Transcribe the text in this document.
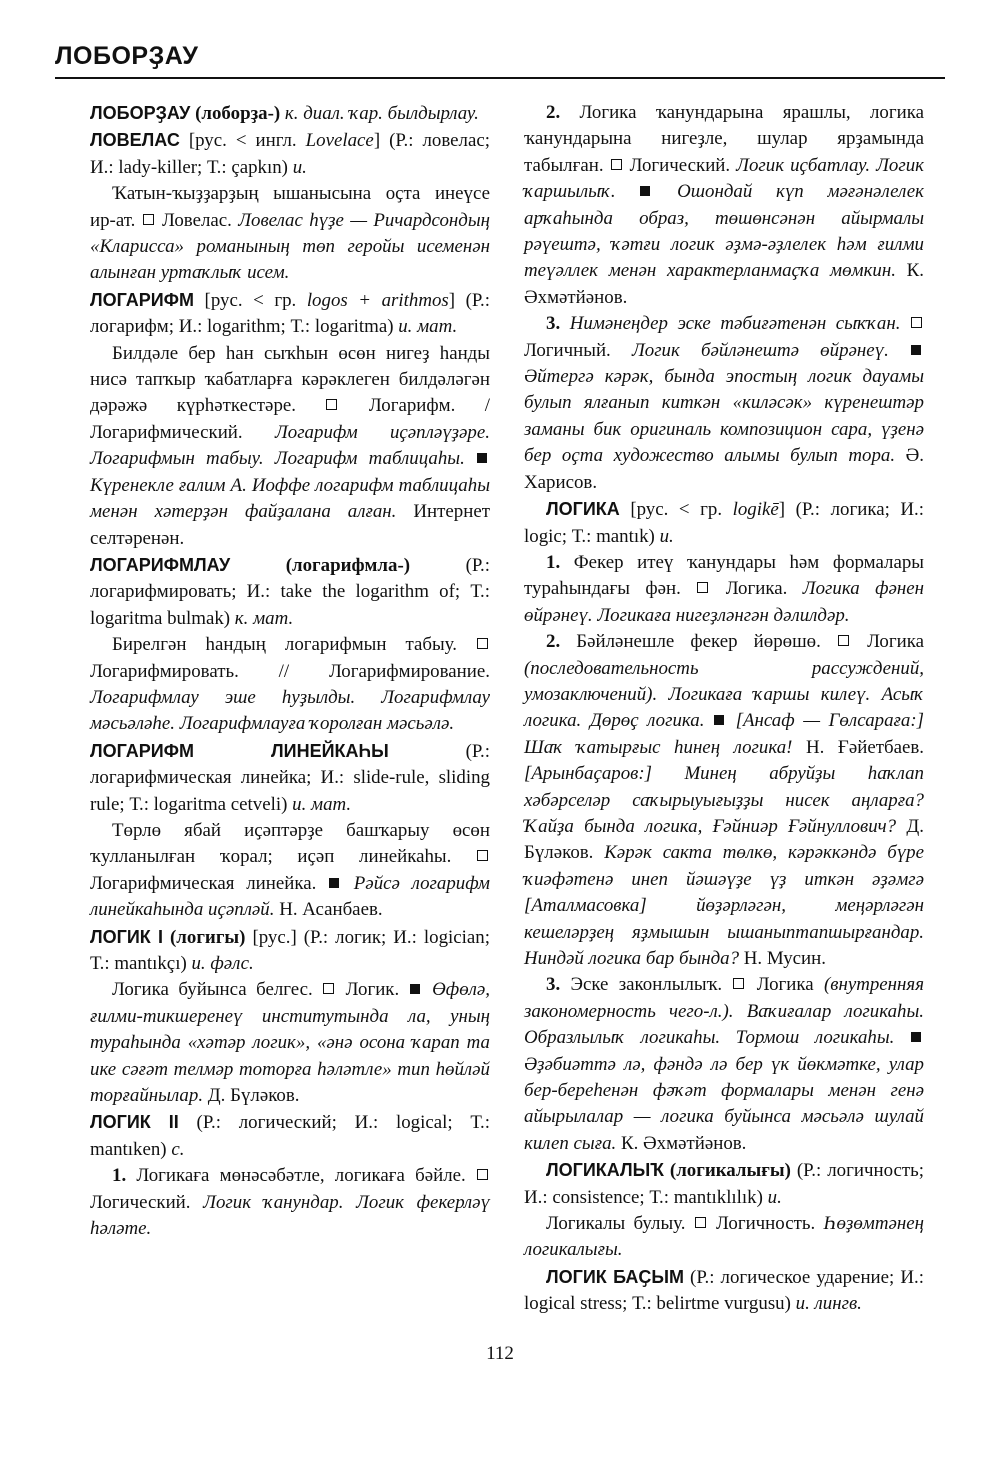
ЛОБОРҘАУ

ЛОБОРҘАУ (лоборҙа-) к. диал. ҡар. былдырлау.

ЛОВЕЛАС [рус. < ингл. Lovelace] (Р.: ловелас; И.: lady-killer; Т.: çapkın) и.

Ҡатын-ҡыҙҙарҙың ышанысына оҫта инеүсе ир-ат.  Ловелас. Ловелас һүҙе — Ричардсондың «Кларисса» романының төп геройы исеменән алынған уртаҡлыҡ исем.

ЛОГАРИФМ [рус. < гр. logos + arithmos] (Р.: логарифм; И.: logarithm; Т.: logaritma) и. мат.

Билдәле бер һан сыҡһын өсөн нигеҙ һанды нисә тапҡыр ҡабатларға кәрәклеген билдәләгән дәрәжә күрһәткестәре.  Логарифм. / Логарифмический. Логарифм иҫәпләүҙәре. Логарифмын табыу. Логарифм таблицаһы.  Күренекле ғалим А. Иоффе логарифм таблицаһы менән хәтерҙән файҙалана алған. Интернет селтәренән.

ЛОГАРИФМЛАУ (логарифмла-) (Р.: логарифмировать; И.: take the logarithm of; Т.: logaritma bulmak) к. мат.

Бирелгән һандың логарифмын табыу.  Логарифмировать. // Логарифмирование. Логарифмлау эше һуҙылды. Логарифмлау мәсьәләһе. Логарифмлауға ҡоролған мәсьәлә.

ЛОГАРИФМ ЛИНЕЙКАҺЫ (Р.: логарифмическая линейка; И.: slide-rule, sliding rule; Т.: logaritma cetveli) и. мат.

Төрлө ябай иҫәптәрҙе башҡарыу өсөн ҡулланылған ҡорал; иҫәп линейкаһы.  Логарифмическая линейка.  Рәйсә логарифм линейкаһында иҫәпләй. Н. Асанбаев.

ЛОГИК I (логигы) [рус.] (Р.: логик; И.: logician; Т.: mantıkçı) и. фәлс.

Логика буйынса белгес.  Логик.  Өфөлә, ғилми-тикшеренеү институтында ла, уның тураһында «хәтәр логик», «әнә осона ҡарап та ике сәғәт телмәр тоторға һәләтле» тип һөйләй торғайнылар. Д. Бүләков.

ЛОГИК II (Р.: логический; И.: logical; Т.: mantıken) с.

1. Логикаға мөнәсәбәтле, логикаға бәйле.  Логический. Логик ҡанундар. Логик фекерләү һәләте.

2. Логика ҡанундарына ярашлы, логика ҡанундарына нигеҙле, шулар ярҙамында табылған.  Логический. Логик иҫбатлау. Логик ҡаршылыҡ.  Ошондай күп мәғәнәлелек арҡаһында образ, төшөнсәнән айырмалы рәүештә, ҡәтғи логик әҙмә-әҙлелек һәм ғилми теүәллек менән характерланмаҫҡа мөмкин. К. Әхмәтйәнов.

3. Нимәнеңдер эске тәбиғәтенән сыҡҡан.  Логичный. Логик бәйләнештә өйрәнеү.  Әйтергә кәрәк, бында эпостың логик дауамы булып ялғанып киткән «киләсәк» күренештәр заманы бик оригиналь композицион сара, үҙенә бер оҫта художество алымы булып тора. Ә. Харисов.

ЛОГИКА [рус. < гр. logikē] (Р.: логика; И.: logic; Т.: mantık) и.

1. Фекер итеү ҡанундары һәм формалары тураһындағы фән.  Логика. Логика фәнен өйрәнеү. Логикаға нигеҙләнгән дәлилдәр.

2. Бәйләнешле фекер йөрөшө.  Логика (последовательность рассуждений, умозаключений). Логикаға ҡаршы килеү. Асыҡ логика. Дөрөҫ логика.  [Ансаф — Гөлсараға:] Шаҡ ҡатырғыс һинең логика! Н. Ғәйетбаев. [Арынбаҫаров:] Минең абруйҙы һаҡлап хәбәрселәр саҡырыуығыҙҙы нисек аңларға? Ҡайҙа бында логика, Ғәйниәр Ғәйнуллович? Д. Бүләков. Кәрәк сакта төлкө, кәрәккәндә бүре ҡиәфәтенә инеп йәшәүҙе үҙ иткән әҙәмгә [Аталмасовка] йөҙәрләгән, меңәрләгән кешеләрҙең яҙмышын ышаныптапшырғандар. Ниндәй логика бар бында? Н. Мусин.

3. Эске законлылыҡ.  Логика (внутренняя закономерность чего-л.). Ваҡиғалар логикаһы. Образлылыҡ логикаһы. Тормош логикаһы.  Әҙәбиәттә лә, фәндә лә бер үк йөкмәтке, улар бер-береһенән фәҡәт формалары менән генә айырылалар — логика буйынса мәсьәлә шулай килеп сыға. К. Әхмәтйәнов.

ЛОГИКАЛЫҠ (логикалығы) (Р.: логичность; И.: consistence; Т.: mantıklılık) и.

Логикалы булыу.  Логичность. Һөҙөмтәнең логикалығы.

ЛОГИК БАҪЫМ (Р.: логическое ударение; И.: logical stress; Т.: belirtme vurgusu) и. лингв.

112
